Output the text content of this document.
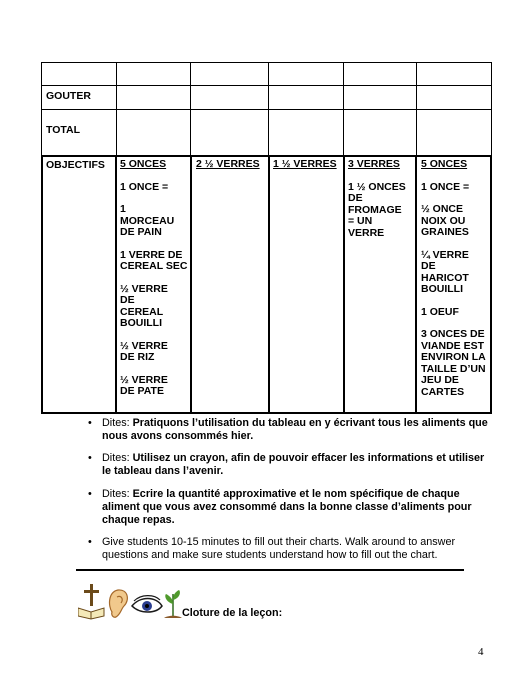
GOUTER
TOTAL
OBJECTIFS 5 ONCES
1 ONCE =
1 MORCEAU DE PAIN
1 VERRE DE CEREAL SEC
½ VERRE DE CEREAL BOUILLI
½ VERRE DE RIZ
½ VERRE DE PATE
2 ½ VERRES	1 ½ VERRES	3 VERRES
1 ½ ONCES DE FROMAGE = UN VERRE
5 ONCES
1 ONCE =
½ ONCE NOIX OU GRAINES
¼ VERRE DE HARICOT BOUILLI
1 OEUF
3 ONCES DE VIANDE EST ENVIRON LA TAILLE D’UN JEU DE CARTES
• Dites: Pratiquons l’utilisation du tableau en y écrivant tous les aliments que nous avons consommés hier.
• Dites: Utilisez un crayon, afin de pouvoir effacer les informations et utiliser le tableau dans l’avenir.
• Dites: Ecrire la quantité approximative et le nom spécifique de chaque aliment que vous avez consommé dans la bonne classe d’aliments pour chaque repas.
• Give students 10-15 minutes to fill out their charts. Walk around to answer questions and make sure students understand how to fill out the chart.
Cloture de la leçon:
4
